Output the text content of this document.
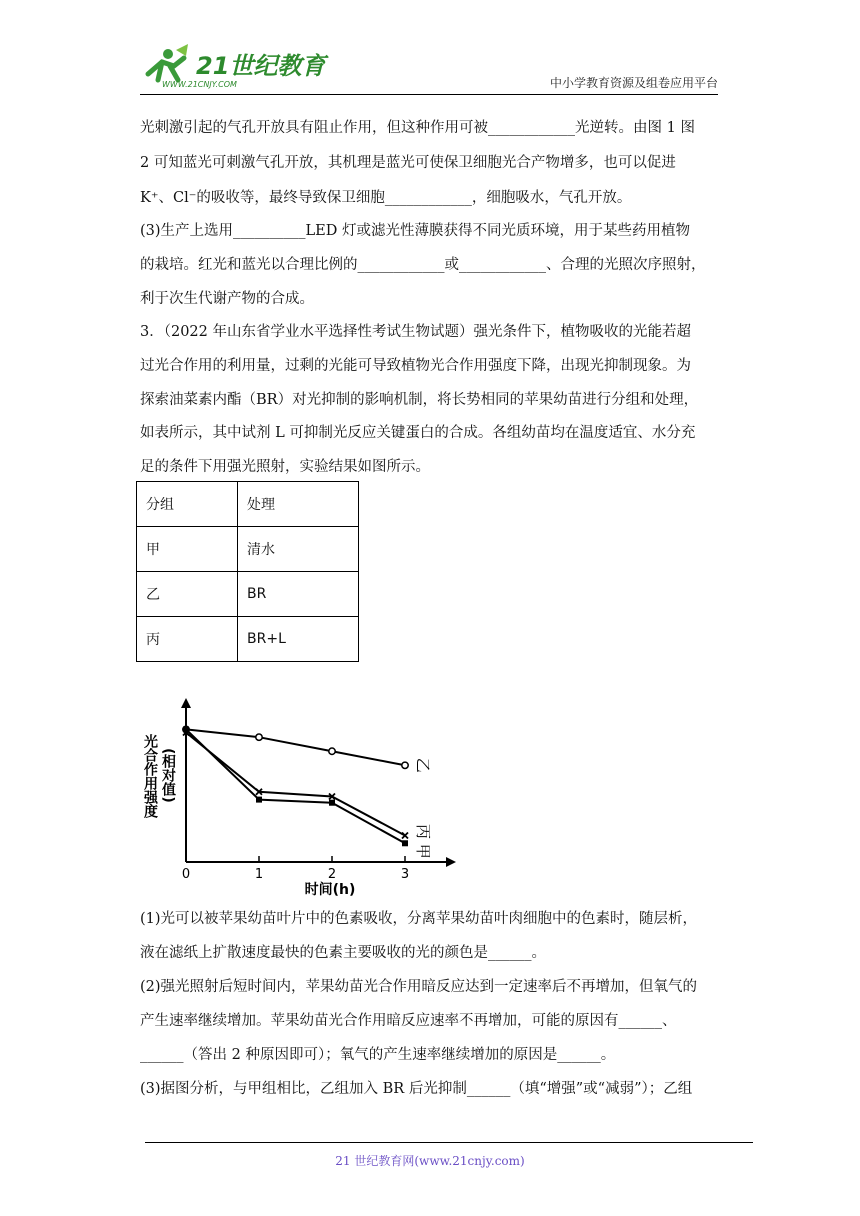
21世纪教育
WWW.21CNJY.COM	中小学教育资源及组卷应用平台
光刺激引起的气孔开放具有阻止作用，但这种作用可被____________光逆转。由图 1 图
2 可知蓝光可刺激气孔开放，其机理是蓝光可使保卫细胞光合产物增多，也可以促进
K⁺、Cl⁻的吸收等，最终导致保卫细胞____________，细胞吸水，气孔开放。
(3)生产上选用__________LED 灯或滤光性薄膜获得不同光质环境，用于某些药用植物
的栽培。红光和蓝光以合理比例的____________或____________、合理的光照次序照射，
利于次生代谢产物的合成。
3．（2022 年山东省学业水平选择性考试生物试题）强光条件下，植物吸收的光能若超
过光合作用的利用量，过剩的光能可导致植物光合作用强度下降，出现光抑制现象。为
探索油菜素内酯（BR）对光抑制的影响机制，将长势相同的苹果幼苗进行分组和处理，
如表所示，其中试剂 L 可抑制光反应关键蛋白的合成。各组幼苗均在温度适宜、水分充
足的条件下用强光照射，实验结果如图所示。
分组	处理
甲	清水
乙	BR
丙	BR+L
光合作用强度 (相对值)
时间(h)
0	1	2	3
乙
丙
甲
(1)光可以被苹果幼苗叶片中的色素吸收，分离苹果幼苗叶肉细胞中的色素时，随层析，
液在滤纸上扩散速度最快的色素主要吸收的光的颜色是______。
(2)强光照射后短时间内，苹果幼苗光合作用暗反应达到一定速率后不再增加，但氧气的
产生速率继续增加。苹果幼苗光合作用暗反应速率不再增加，可能的原因有______、
______（答出 2 种原因即可）；氧气的产生速率继续增加的原因是______。
(3)据图分析，与甲组相比，乙组加入 BR 后光抑制______（填“增强”或“减弱”）；乙组
21 世纪教育网(www.21cnjy.com)
